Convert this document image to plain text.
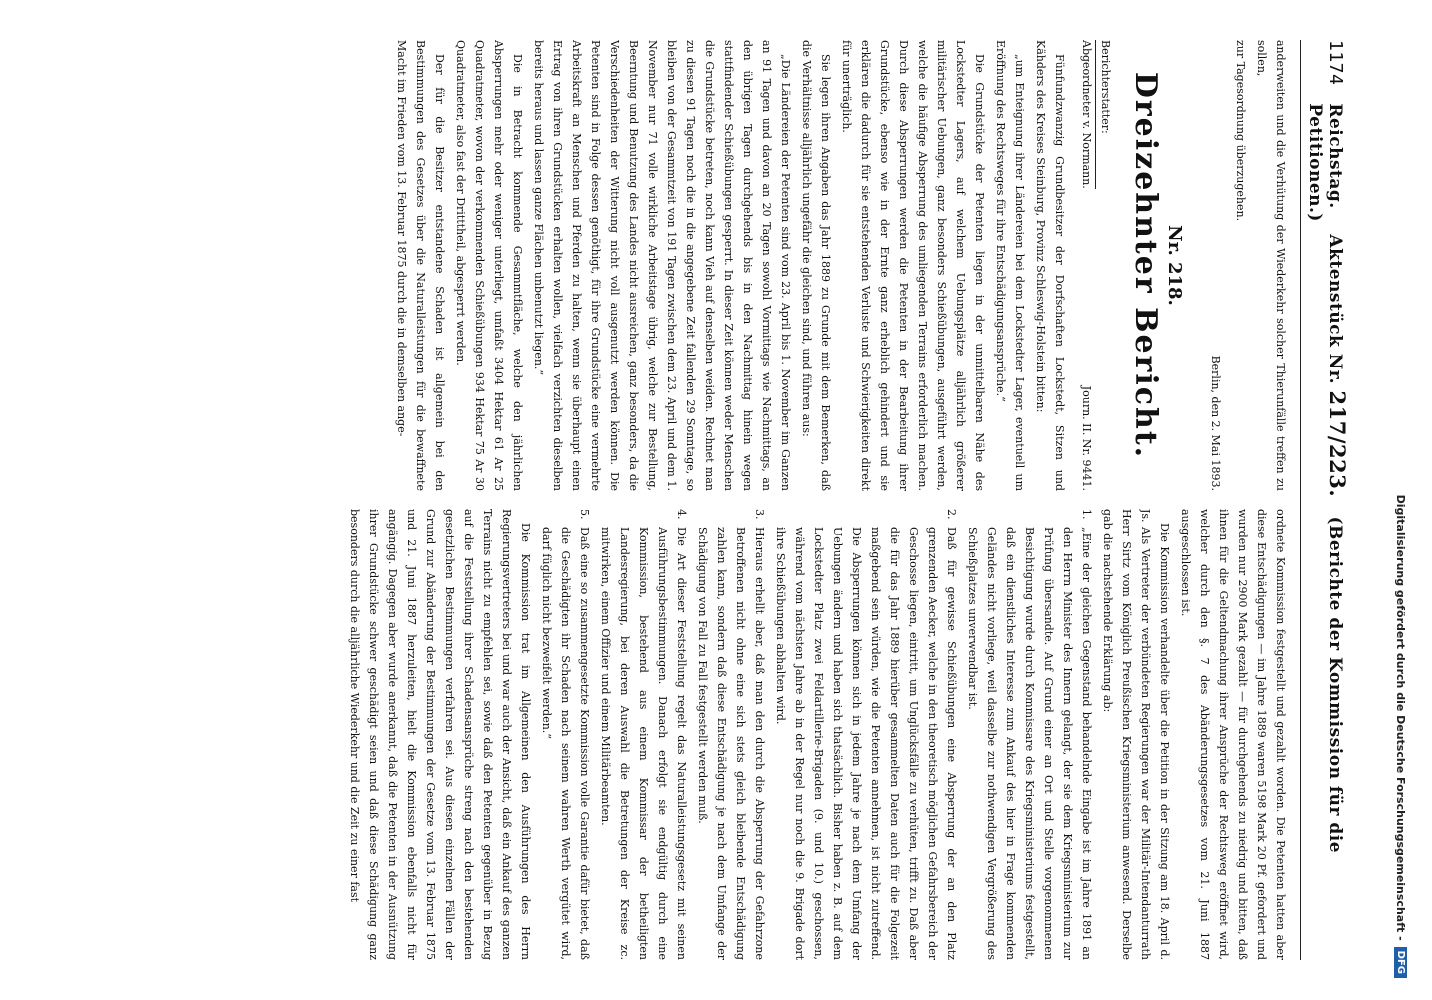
1174
Reichstag.    Aktenstück Nr. 217/223.   (Berichte der Kommission für die Petitionen.)

anderweiten und die Verhütung der Wiederkehr solcher Thierunfälle treffen zu sollen,

zur Tagesordnung überzugehen.

Berlin, den 2. Mai 1893.

Nr. 218.
Dreizehnter Bericht.
Berichterstatter:
Abgeordneter v. Normann.
Journ. II. Nr. 9441.

Fünfundzwanzig Grundbesitzer der Dorfschaften Lockstedt, Sitzen und Kähders des Kreises Steinburg, Provinz Schleswig-Holstein bitten:

„um Enteignung ihrer Ländereien bei dem Lockstedter Lager, eventuell um Eröffnung des Rechtsweges für ihre Entschädigungsansprüche.“

Die Grundstücke der Petenten liegen in der unmittelbaren Nähe des Lockstedter Lagers, auf welchem Uebungsplätze alljährlich größerer militärischer Uebungen, ganz besonders Schießübungen, ausgeführt werden, welche die häufige Absperrung des umliegenden Terrains erforderlich machen. Durch diese Absperrungen werden die Petenten in der Bearbeitung ihrer Grundstücke, ebenso wie in der Ernte ganz erheblich gehindert und sie erklären die dadurch für sie entstehenden Verluste und Schwierigkeiten direkt für unerträglich.

Sie legen ihren Angaben das Jahr 1889 zu Grunde mit dem Bemerken, daß die Verhältnisse alljährlich ungefähr die gleichen sind, und führen aus:

„Die Ländereien der Petenten sind vom 23. April bis 1. November im Ganzen an 91 Tagen und davon an 20 Tagen sowohl Vormittags wie Nachmittags, an den übrigen Tagen durchgehends bis in den Nachmittag hinein wegen stattfindender Schießübungen gesperrt. In dieser Zeit können weder Menschen die Grundstücke betreten, noch kann Vieh auf denselben weiden. Rechnet man zu diesen 91 Tagen noch die in die angegebene Zeit fallenden 29 Sonntage, so bleiben von der Gesammtzeit von 191 Tagen zwischen dem 23. April und dem 1. November nur 71 volle wirkliche Arbeitstage übrig, welche zur Bestellung, Beerntung und Benutzung des Landes nicht ausreichen, ganz besonders, da die Verschiedenheiten der Witterung nicht voll ausgenutzt werden können. Die Petenten sind in Folge dessen genöthigt, für ihre Grundstücke eine vermehrte Arbeitskraft an Menschen und Pferden zu halten, wenn sie überhaupt einen Ertrag von ihren Grundstücken erhalten wollen, vielfach verzichten dieselben bereits heraus und lassen ganze Flächen unbenutzt liegen.“

Die in Betracht kommende Gesammtfläche, welche den jährlichen Absperrungen mehr oder weniger unterliegt, umfaßt 3404 Hektar 61 Ar 25 Quadratmeter, wovon der verkommenden Schießübungen 934 Hektar 75 Ar 30 Quadratmeter, also fast der Dritttheil, abgesperrt werden.

Der für die Besitzer entstandene Schaden ist allgemein bei den Bestimmungen des Gesetzes über die Naturalleistungen für die bewaffnete Macht im Frieden vom 13. Februar 1875 durch die in demselben ange-

ordnete Kommission festgestellt und gezahlt worden. Die Petenten hatten aber diese Entschädigungen — im Jahre 1889 waren 5198 Mark 20 Pf. gefordert und wurden nur 2900 Mark gezahlt — für durchgehends zu niedrig und bitten, daß ihnen für die Geltendmachung ihrer Ansprüche der Rechtsweg eröffnet wird, welcher durch den §. 7 des Abänderungsgesetzes vom 21. Juni 1887 ausgeschlossen ist.

Die Kommission verhandelte über die Petition in der Sitzung am 18. April d. Js. Als Vertreter der verbündeten Regierungen war der Militär-Intendanturrath Herr Sirtz vom Königlich Preußischen Kriegsministerium anwesend. Derselbe gab die nachstehende Erklärung ab:

1.
„Eine der gleichen Gegenstand behandelnde Eingabe ist im Jahre 1891 an den Herrn Minister des Innern gelangt, der sie dem Kriegsministerium zur Prüfung übersandte. Auf Grund einer an Ort und Stelle vorgenommenen Besichtigung wurde durch Kommissare des Kriegsministeriums festgestellt, daß ein dienstliches Interesse zum Ankauf des hier in Frage kommenden Geländes nicht vorliege, weil dasselbe zur nothwendigen Vergrößerung des Schießplatzes unverwendbar ist.
2.
Daß für gewisse Schießübungen eine Absperrung der an den Platz grenzenden Aecker, welche in den theoretisch möglichen Gefahrsbereich der Geschosse liegen, eintritt, um Unglücksfälle zu verhüten, trifft zu. Daß aber die für das Jahr 1889 hierüber gesammelten Daten auch für die Folgezeit maßgebend sein würden, wie die Petenten annehmen, ist nicht zutreffend. Die Absperrungen können sich in jedem Jahre je nach dem Umfang der Uebungen ändern und haben sich thatsächlich. Bisher haben z. B. auf dem Lockstedter Platz zwei Feldartillerie-Brigaden (9. und 10.) geschossen, während vom nächsten Jahre ab in der Regel nur noch die 9. Brigade dort ihre Schießübungen abhalten wird.
3.
Hieraus erhellt aber, daß man den durch die Absperrung der Gefahrzone Betroffenen nicht ohne eine sich stets gleich bleibende Entschädigung zahlen kann, sondern daß diese Entschädigung je nach dem Umfange der Schädigung von Fall zu Fall festgestellt werden muß.
4.
Die Art dieser Feststellung regelt das Naturalleistungsgesetz mit seinen Ausführungsbestimmungen. Danach erfolgt sie endgültig durch eine Kommission, bestehend aus einem Kommissar der betheiligten Landesregierung, bei deren Auswahl die Betretungen der Kreise zc. mitwirken, einem Offizier und einem Militärbeamten.
5.
Daß eine so zusammengesetzte Kommission volle Garantie dafür bietet, daß die Geschädigten ihr Schaden nach seinem wahren Werth vergütet wird, darf füglich nicht bezweifelt werden.“

Die Kommission trat im Allgemeinen den Ausführungen des Herrn Regierungsvertreters bei und war auch der Ansicht, daß ein Ankauf des ganzen Terrains nicht zu empfehlen sei, sowie daß den Petenten gegenüber in Bezug auf die Feststellung ihrer Schadensansprüche streng nach den bestehenden gesetzlichen Bestimmungen verfahren sei. Aus diesen einzelnen Fällen der Grund zur Abänderung der Bestimmungen der Gesetze vom 13. Februar 1875 und 21. Juni 1887 herzuleiten, hielt die Kommission ebenfalls nicht für angängig. Dagegen aber wurde anerkannt, daß die Petenten in der Ausnützung ihrer Grundstücke schwer geschädigt seien und daß diese Schädigung ganz besonders durch die alljährliche Wiederkehr und die Zeit zu einer fast	Digitalisierung gefördert durch die Deutsche Forschungsgemeinschaft -
DFG
